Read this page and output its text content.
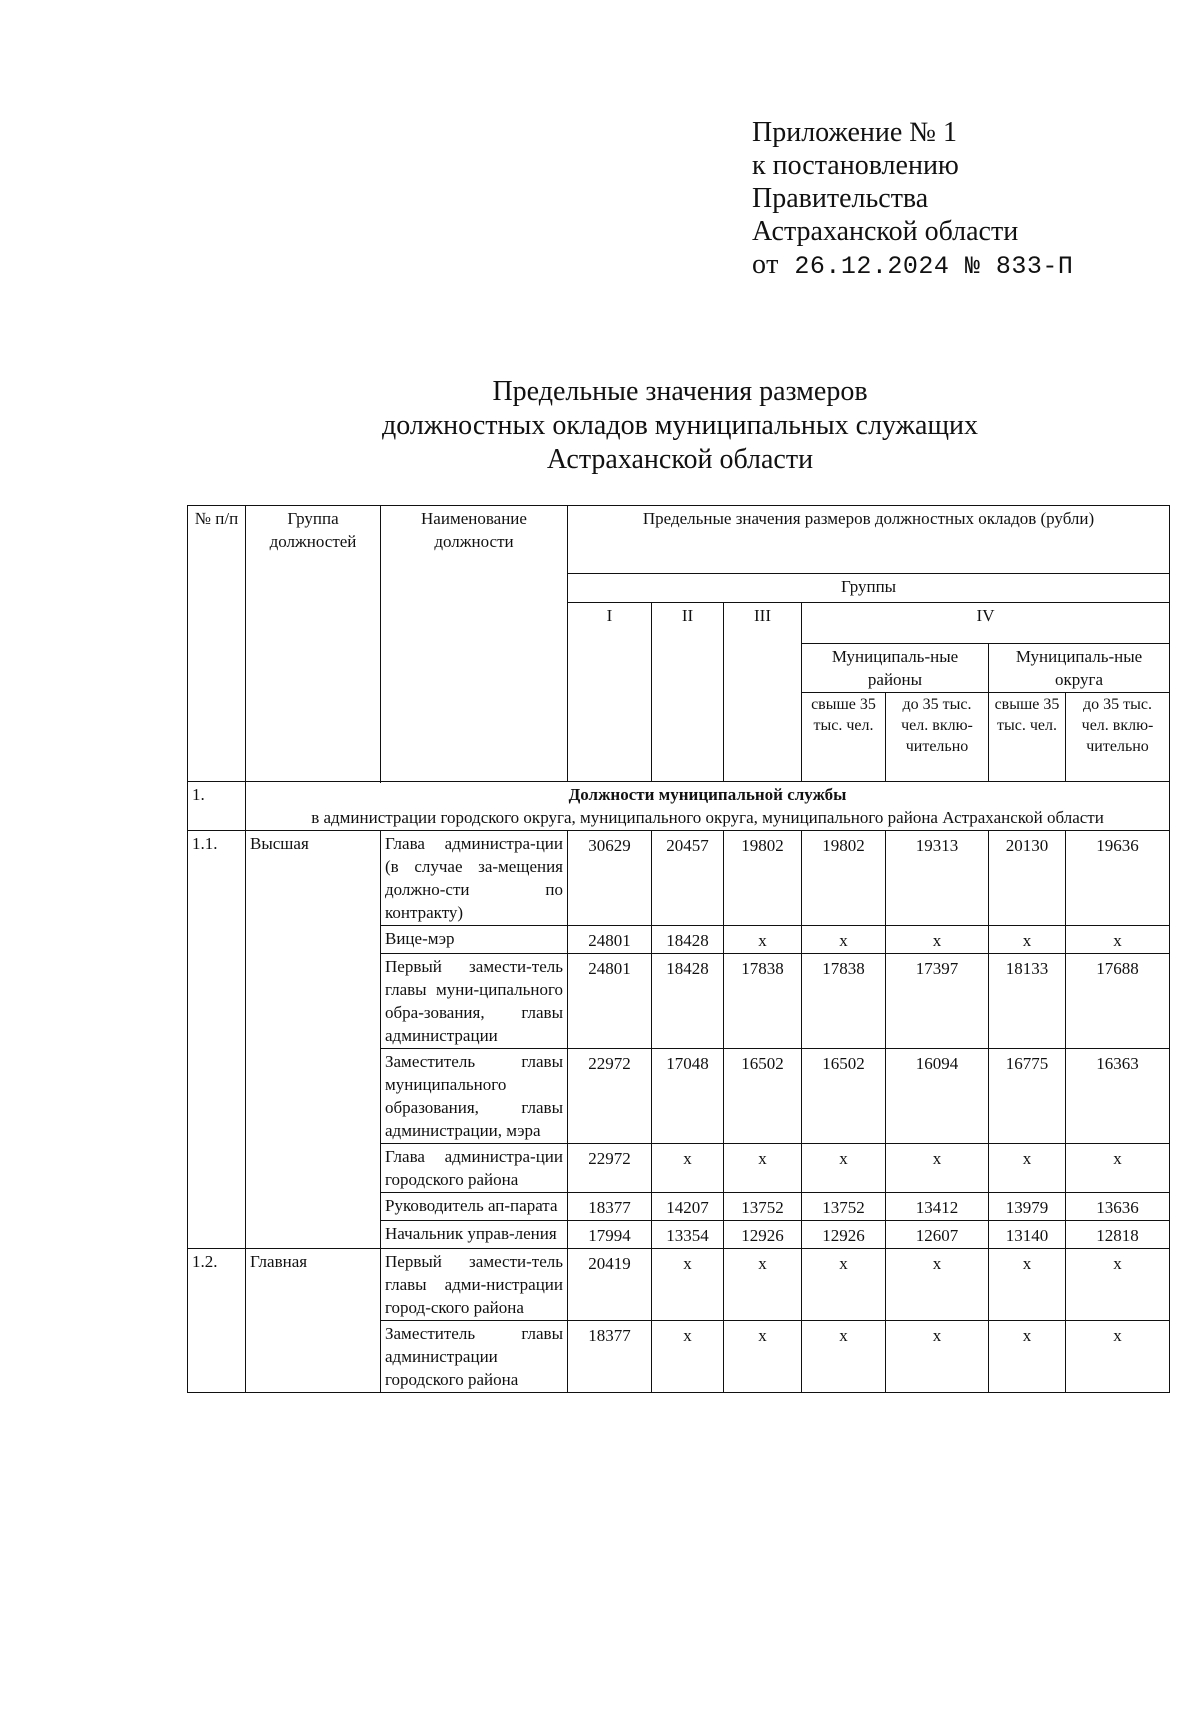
Приложение № 1
к постановлению
Правительства
Астраханской области
от 26.12.2024 № 833-П
Предельные значения размеров
должностных окладов муниципальных служащих
Астраханской области
№ п/п	Группа должностей	Наименование должности	Предельные значения размеров должностных окладов (рубли)						
			Группы						
			I	II	III	IV			
						Муниципаль-ные районы		Муниципаль-ные округа	
						свыше 35 тыс. чел.	до 35 тыс. чел. вклю-чительно	свыше 35 тыс. чел.	до 35 тыс. чел. вклю-чительно

1.	Должности муниципальной службы
в администрации городского округа, муниципального округа, муниципального района Астраханской области								

1.1.	Высшая	Глава администра-ции (в случае за-мещения должно-сти по контракту)	30629	20457	19802	19802	19313	20130	19636
		Вице-мэр	24801	18428	x	x	x	x	x
		Первый замести-тель главы муни-ципального обра-зования, главы администрации	24801	18428	17838	17838	17397	18133	17688
		Заместитель главы муниципального образования, главы администрации, мэра	22972	17048	16502	16502	16094	16775	16363
		Глава администра-ции городского района	22972	x	x	x	x	x	x
		Руководитель ап-парата	18377	14207	13752	13752	13412	13979	13636
		Начальник управ-ления	17994	13354	12926	12926	12607	13140	12818
1.2.	Главная	Первый замести-тель главы адми-нистрации город-ского района	20419	x	x	x	x	x	x
		Заместитель главы администрации городского района	18377	x	x	x	x	x	x
